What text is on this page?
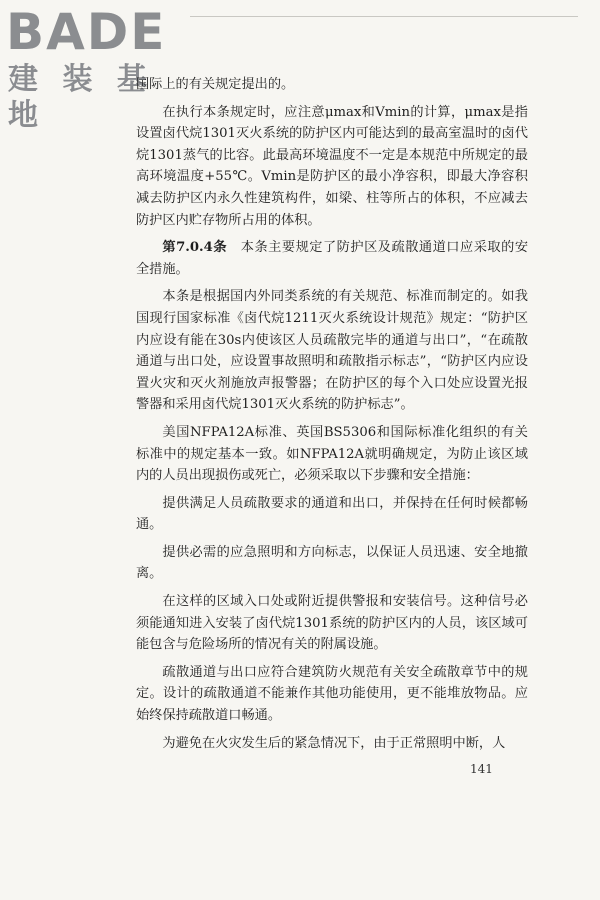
BADE
建 装 基 地

国际上的有关规定提出的。

在执行本条规定时，应注意μmax和Vmin的计算，μmax是指设置卤代烷1301灭火系统的防护区内可能达到的最高室温时的卤代烷1301蒸气的比容。此最高环境温度不一定是本规范中所规定的最高环境温度+55℃。Vmin是防护区的最小净容积，即最大净容积减去防护区内永久性建筑构件，如梁、柱等所占的体积，不应减去防护区内贮存物所占用的体积。

第7.0.4条　 本条主要规定了防护区及疏散通道口应采取的安全措施。

本条是根据国内外同类系统的有关规范、标准而制定的。如我国现行国家标准《卤代烷1211灭火系统设计规范》规定：“防护区内应设有能在30s内使该区人员疏散完毕的通道与出口”，“在疏散通道与出口处，应设置事故照明和疏散指示标志”，“防护区内应设置火灾和灭火剂施放声报警器；在防护区的每个入口处应设置光报警器和采用卤代烷1301灭火系统的防护标志”。

美国NFPA12A标准、英国BS5306和国际标准化组织的有关标准中的规定基本一致。如NFPA12A就明确规定，为防止该区域内的人员出现损伤或死亡，必须采取以下步骤和安全措施：

提供满足人员疏散要求的通道和出口，并保持在任何时候都畅通。

提供必需的应急照明和方向标志，以保证人员迅速、安全地撤离。

在这样的区域入口处或附近提供警报和安装信号。这种信号必须能通知进入安装了卤代烷1301系统的防护区内的人员，该区域可能包含与危险场所的情况有关的附属设施。

疏散通道与出口应符合建筑防火规范有关安全疏散章节中的规定。设计的疏散通道不能兼作其他功能使用，更不能堆放物品。应始终保持疏散道口畅通。

为避免在火灾发生后的紧急情况下，由于正常照明中断，人

141
